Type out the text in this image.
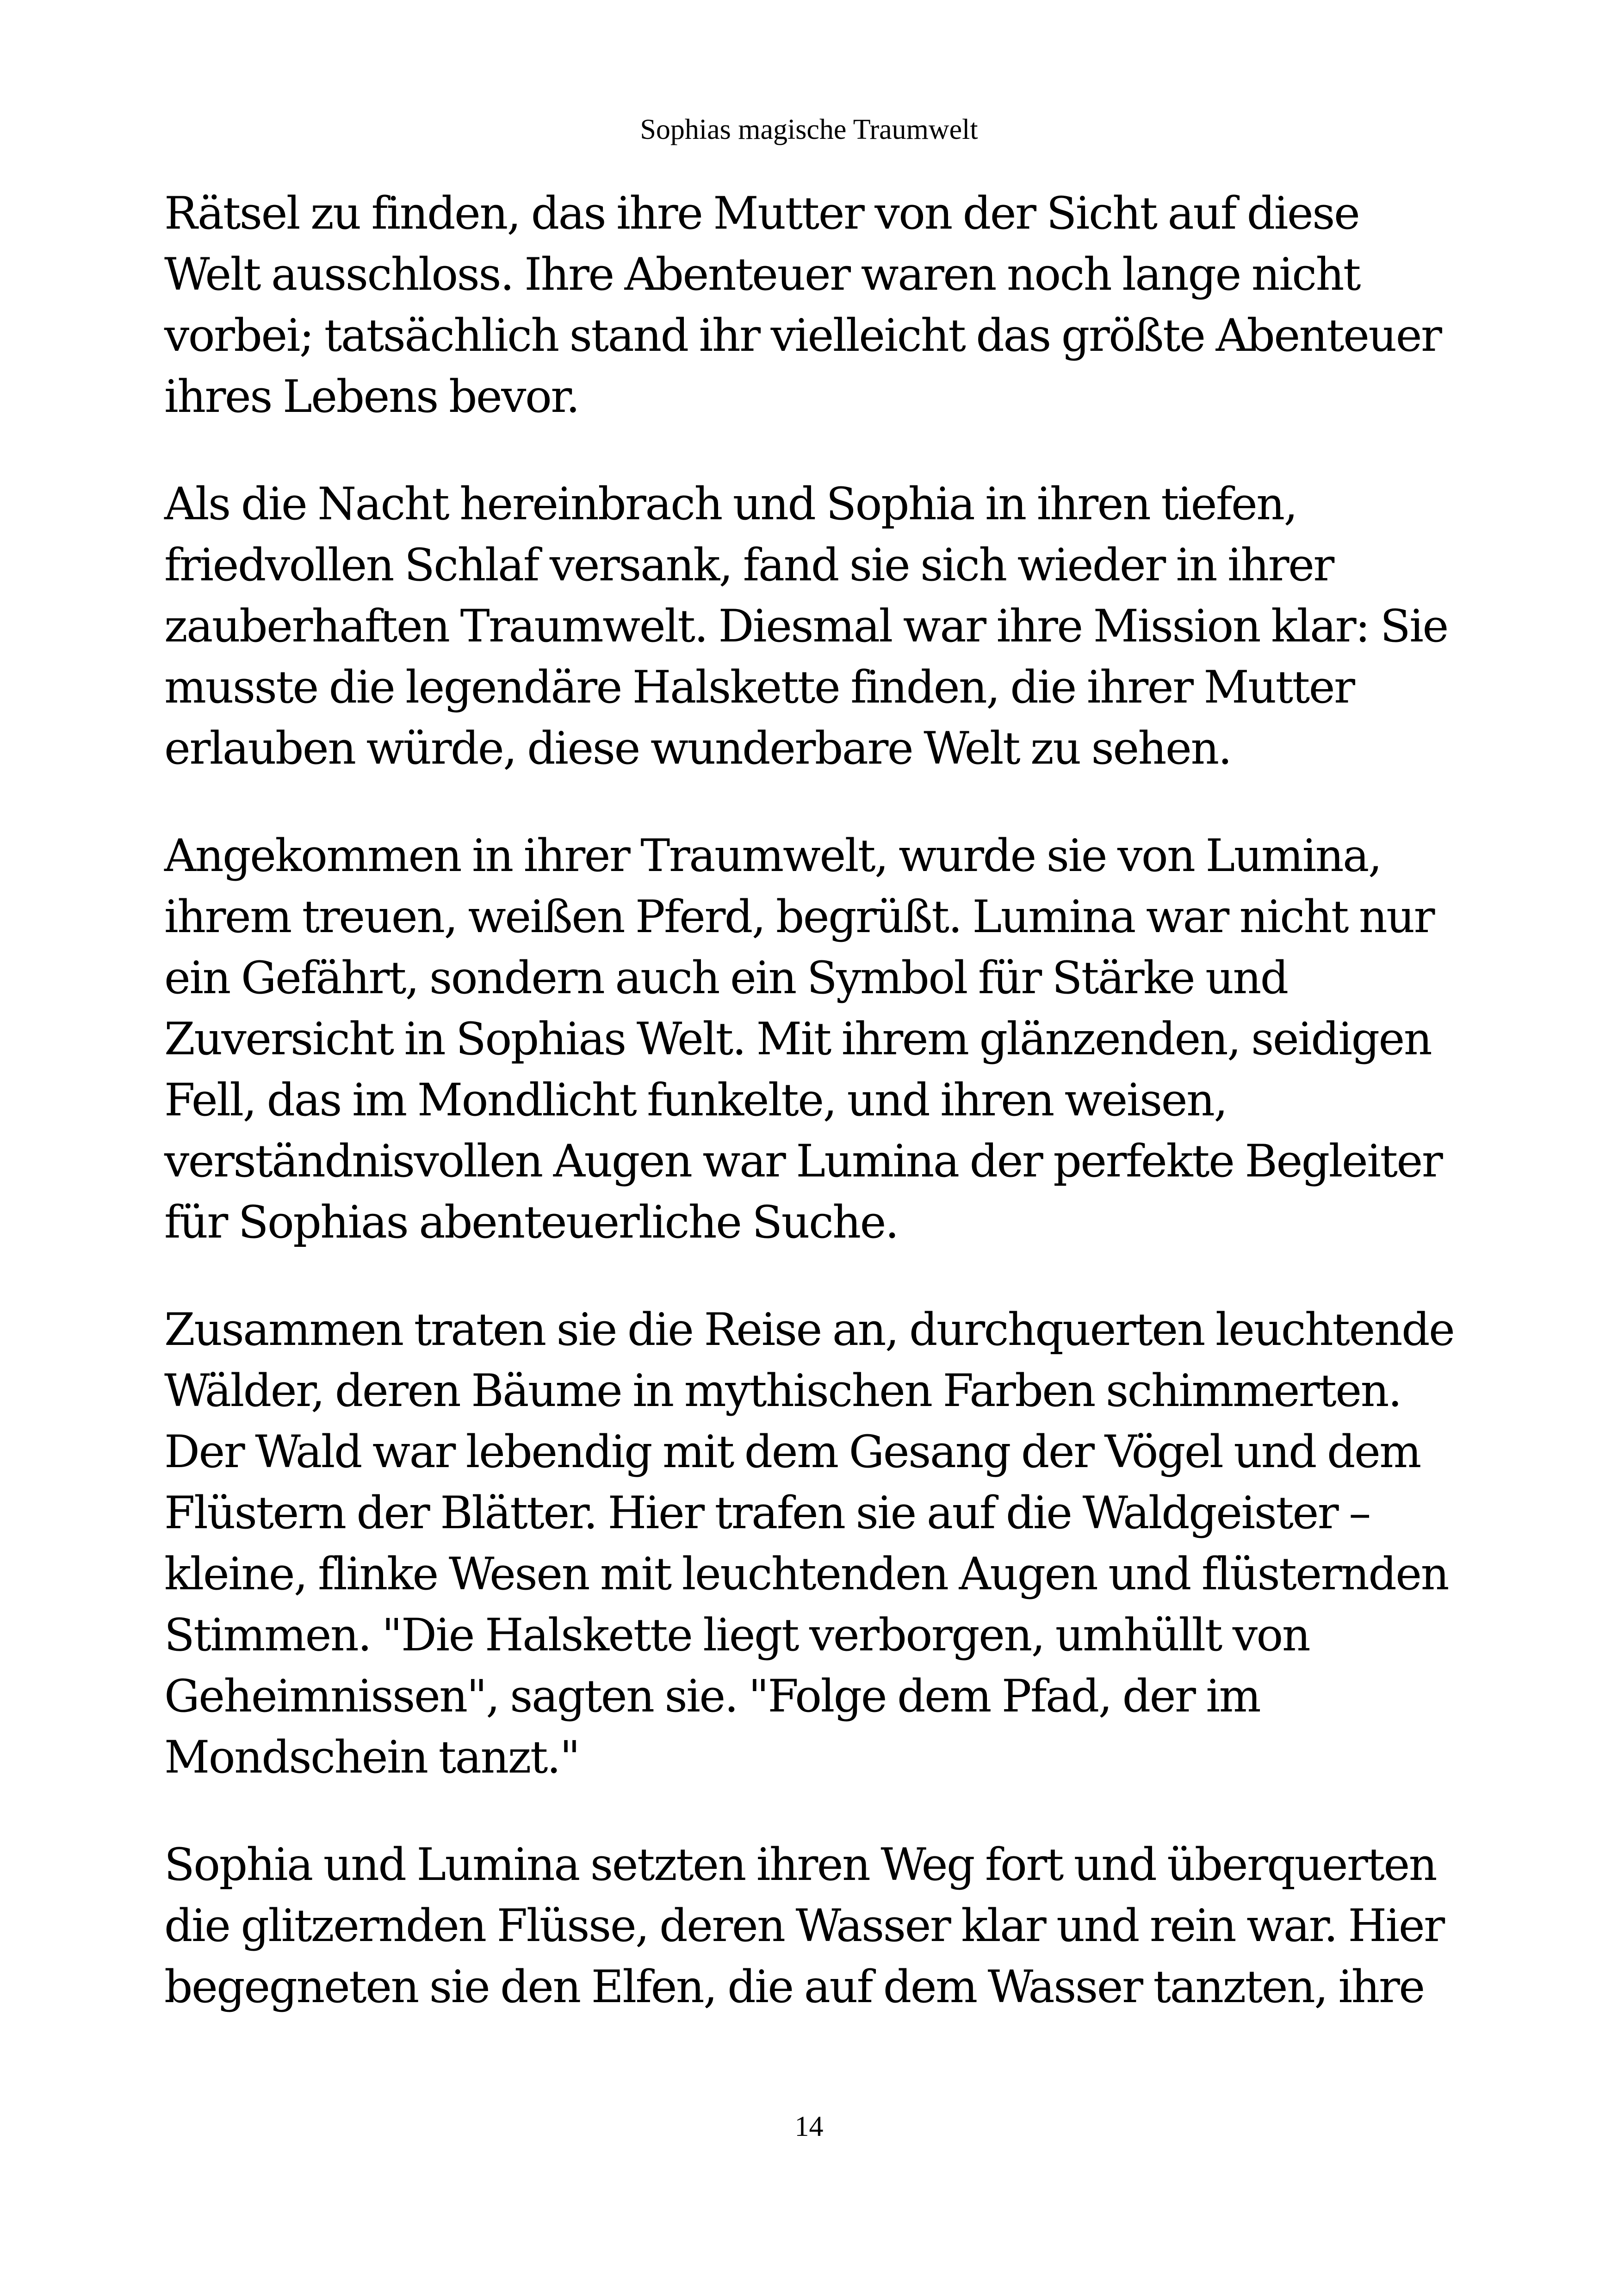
Sophias magische Traumwelt

Rätsel zu finden, das ihre Mutter von der Sicht auf diese Welt ausschloss. Ihre Abenteuer waren noch lange nicht vorbei; tatsächlich stand ihr vielleicht das größte Abenteuer ihres Lebens bevor.

Als die Nacht hereinbrach und Sophia in ihren tiefen, friedvollen Schlaf versank, fand sie sich wieder in ihrer zauberhaften Traumwelt. Diesmal war ihre Mission klar: Sie musste die legendäre Halskette finden, die ihrer Mutter erlauben würde, diese wunderbare Welt zu sehen.

Angekommen in ihrer Traumwelt, wurde sie von Lumina, ihrem treuen, weißen Pferd, begrüßt. Lumina war nicht nur ein Gefährt, sondern auch ein Symbol für Stärke und Zuversicht in Sophias Welt. Mit ihrem glänzenden, seidigen Fell, das im Mondlicht funkelte, und ihren weisen, verständnisvollen Augen war Lumina der perfekte Begleiter für Sophias abenteuerliche Suche.

Zusammen traten sie die Reise an, durchquerten leuchtende Wälder, deren Bäume in mythischen Farben schimmerten. Der Wald war lebendig mit dem Gesang der Vögel und dem Flüstern der Blätter. Hier trafen sie auf die Waldgeister – kleine, flinke Wesen mit leuchtenden Augen und flüsternden Stimmen. "Die Halskette liegt verborgen, umhüllt von Geheimnissen", sagten sie. "Folge dem Pfad, der im Mondschein tanzt."

Sophia und Lumina setzten ihren Weg fort und überquerten die glitzernden Flüsse, deren Wasser klar und rein war. Hier begegneten sie den Elfen, die auf dem Wasser tanzten, ihre

14
